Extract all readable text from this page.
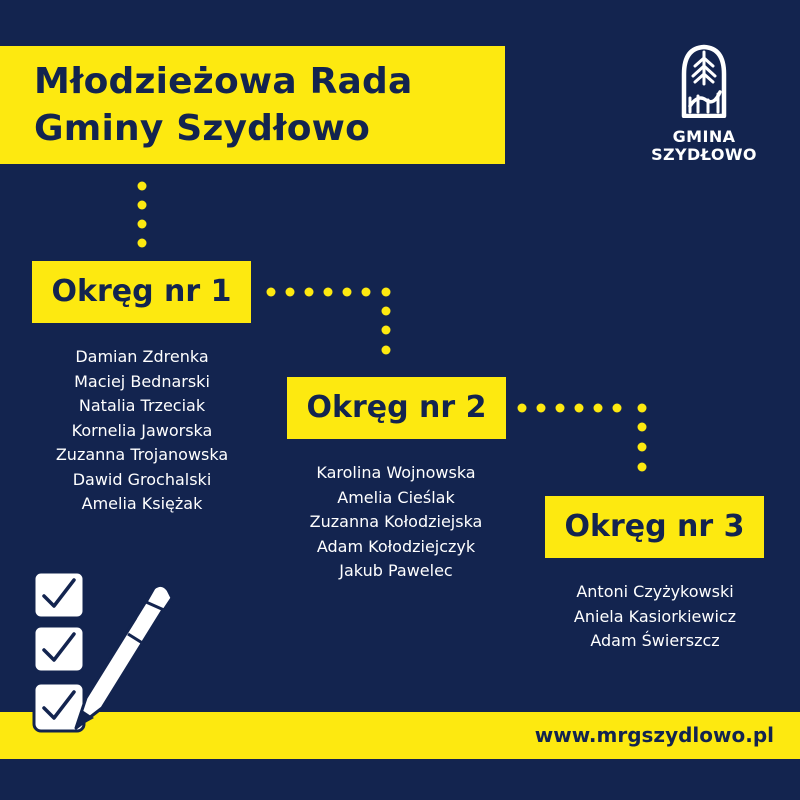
Młodzieżowa Rada
Gminy Szydłowo	GMINA
SZYDŁOWO
Okręg nr 1
Damian Zdrenka
Maciej Bednarski
Natalia Trzeciak
Kornelia Jaworska
Zuzanna Trojanowska
Dawid Grochalski
Amelia Księżak
Okręg nr 2
Karolina Wojnowska
Amelia Cieślak
Zuzanna Kołodziejska
Adam Kołodziejczyk
Jakub Pawelec
Okręg nr 3
Antoni Czyżykowski
Aniela Kasiorkiewicz
Adam Świerszcz
www.mrgszydlowo.pl
